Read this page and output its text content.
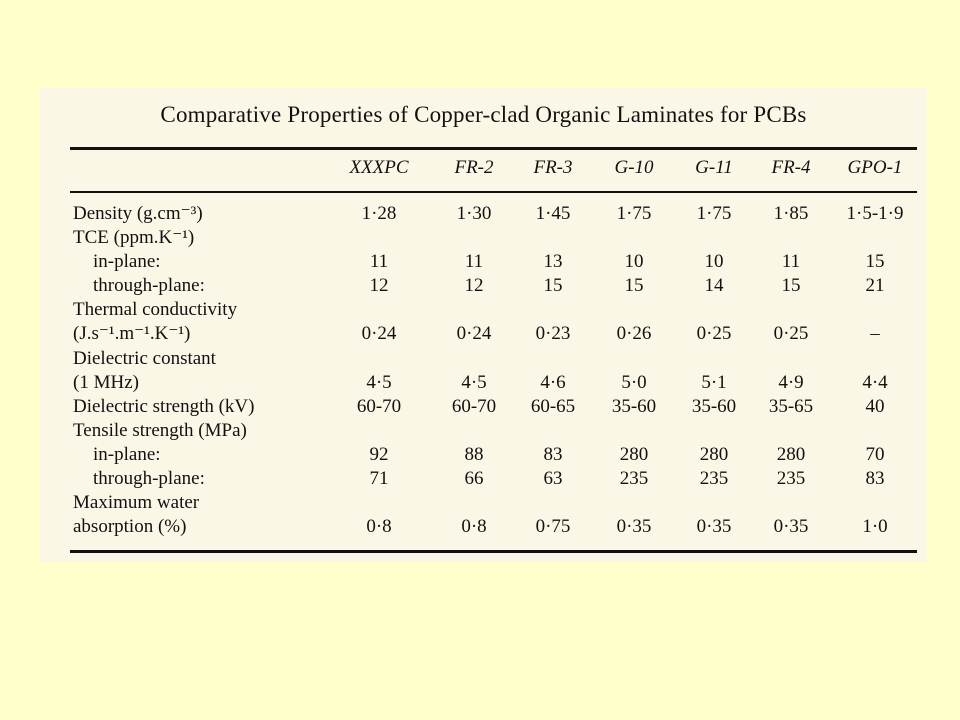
Comparative Properties of Copper-clad Organic Laminates for PCBs
XXXPC	FR-2	FR-3	G-10	G-11	FR-4	GPO-1
Density (g.cm⁻³)	1·28	1·30	1·45	1·75	1·75	1·85	1·5-1·9
TCE (ppm.K⁻¹)
in-plane:	11	11	13	10	10	11	15
through-plane:	12	12	15	15	14	15	21
Thermal conductivity
(J.s⁻¹.m⁻¹.K⁻¹)	0·24	0·24	0·23	0·26	0·25	0·25	–
Dielectric constant
(1 MHz)	4·5	4·5	4·6	5·0	5·1	4·9	4·4
Dielectric strength (kV)	60-70	60-70	60-65	35-60	35-60	35-65	40
Tensile strength (MPa)
in-plane:	92	88	83	280	280	280	70
through-plane:	71	66	63	235	235	235	83
Maximum water
absorption (%)	0·8	0·8	0·75	0·35	0·35	0·35	1·0
